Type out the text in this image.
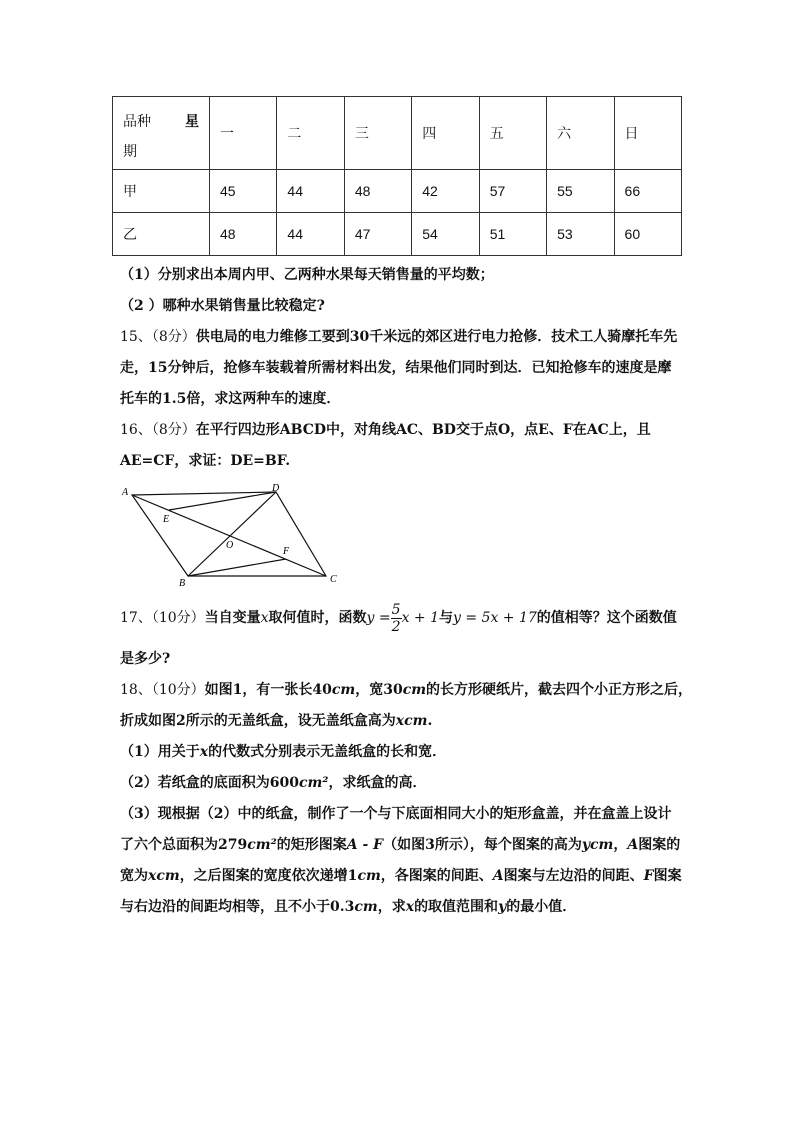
品种 星
期	一	二	三	四	五	六	日
甲	45	44	48	42	57	55	66
乙	48	44	47	54	51	53	60
（1）分别求出本周内甲、乙两种水果每天销售量的平均数；
（2 ）哪种水果销售量比较稳定?
15、（8分）供电局的电力维修工要到30千米远的郊区进行电力抢修．技术工人骑摩托车先
走，15分钟后，抢修车装载着所需材料出发，结果他们同时到达．已知抢修车的速度是摩
托车的1.5倍，求这两种车的速度．
16、（8分）在平行四边形ABCD中，对角线AC、BD交于点O，点E、F在AC上，且
AE=CF，求证：DE=BF.
A	D
E
O
F
B	C
17、（10分）当自变量x取何值时，函数$y = \frac{5}{2}$ x + 1与y = 5x + 17的值相等？这个函数值
是多少?
18、（10分）如图1，有一张长40cm，宽30cm的长方形硬纸片，截去四个小正方形之后，
折成如图2所示的无盖纸盒，设无盖纸盒高为xcm.
（1）用关于x的代数式分别表示无盖纸盒的长和宽．
（2）若纸盒的底面积为600cm²，求纸盒的高．
（3）现根据（2）中的纸盒，制作了一个与下底面相同大小的矩形盒盖，并在盒盖上设计
了六个总面积为279cm²的矩形图案A - F（如图3所示），每个图案的高为ycm，A图案的
宽为xcm，之后图案的宽度依次递增1cm，各图案的间距、A图案与左边沿的间距、F图案
与右边沿的间距均相等，且不小于0.3cm，求x的取值范围和y的最小值．
